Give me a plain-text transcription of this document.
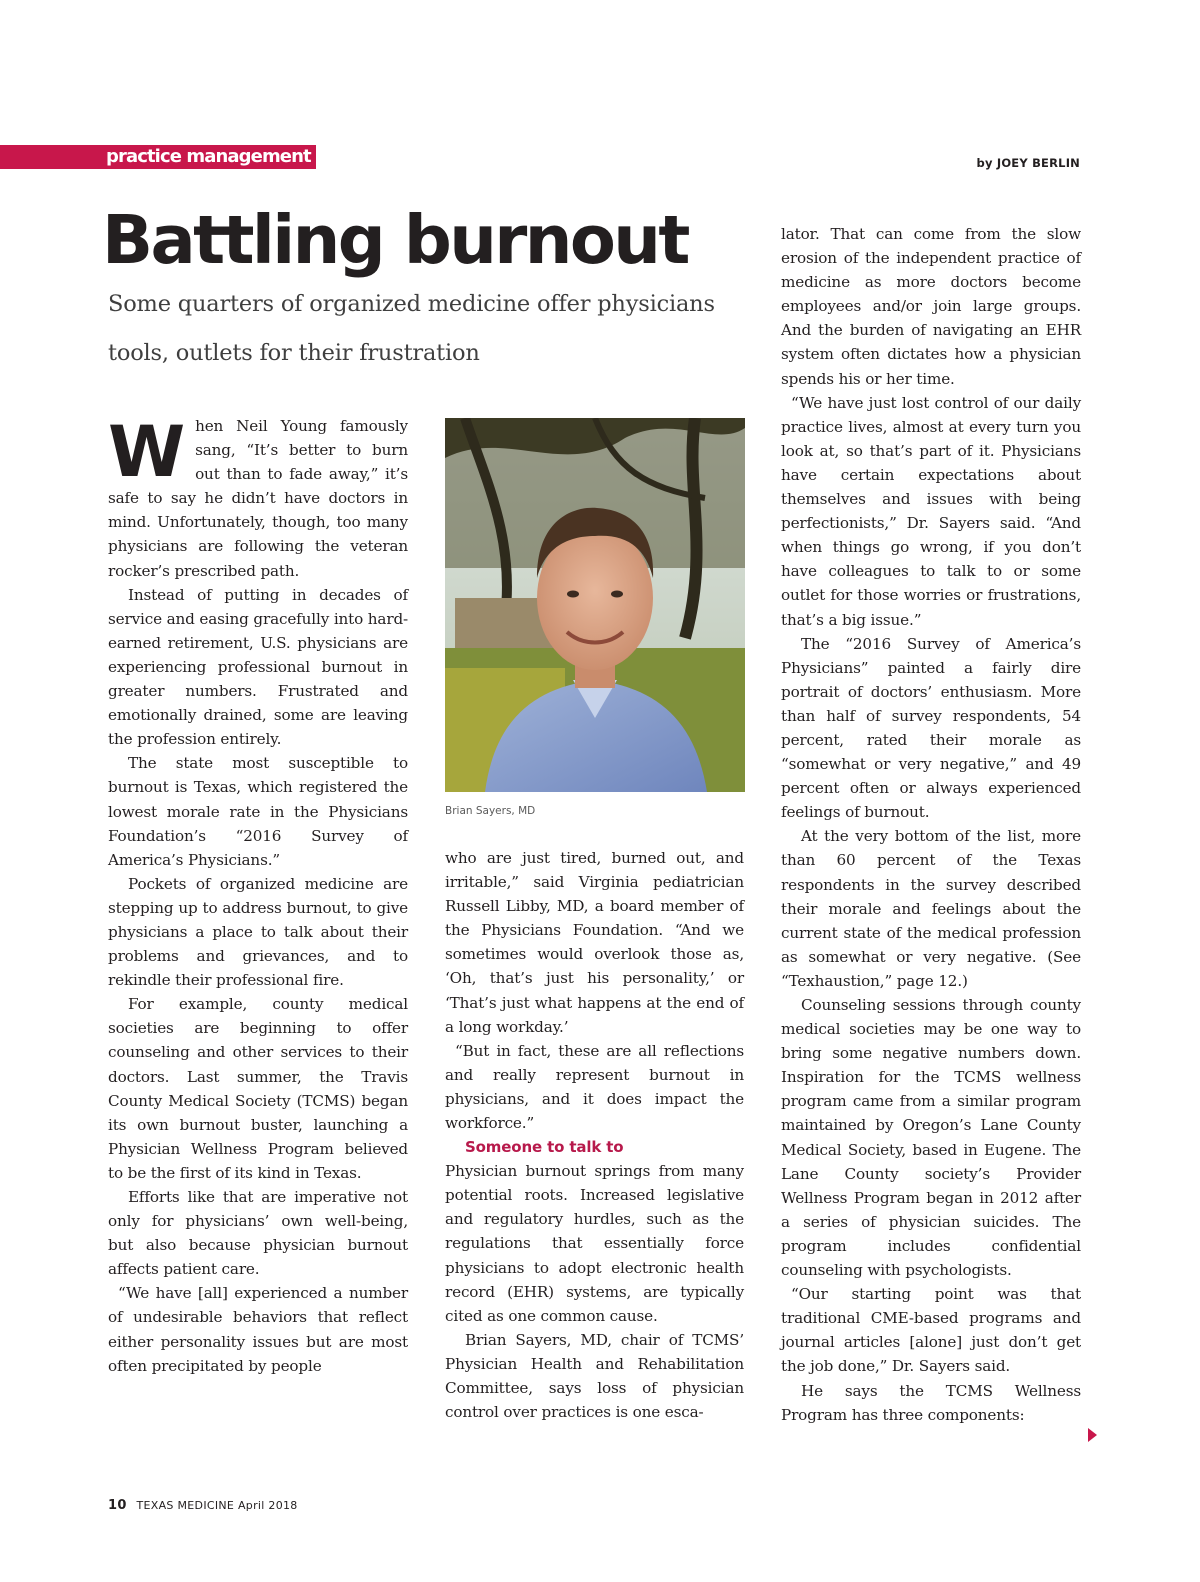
practice management	by JOEY BERLIN
Battling burnout

Some quarters of organized medicine offer physicians tools, outlets for their frustration

When Neil Young famously sang, “It’s better to burn out than to fade away,” it’s safe to say he didn’t have doctors in mind. Unfortunately, though, too many physicians are following the veteran rocker’s prescribed path.

Instead of putting in decades of service and easing gracefully into hard-earned retirement, U.S. physicians are experiencing professional burnout in greater numbers. Frustrated and emotionally drained, some are leaving the profession entirely.

The state most susceptible to burnout is Texas, which registered the lowest morale rate in the Physicians Foundation’s “2016 Survey of America’s Physicians.”

Pockets of organized medicine are stepping up to address burnout, to give physicians a place to talk about their problems and grievances, and to rekindle their professional fire.

For example, county medical societies are beginning to offer counseling and other services to their doctors. Last summer, the Travis County Medical Society (TCMS) began its own burnout buster, launching a Physician Wellness Program believed to be the first of its kind in Texas.

Efforts like that are imperative not only for physicians’ own well-being, but also because physician burnout affects patient care.

“We have [all] experienced a number of undesirable behaviors that reflect either personality issues but are most often precipitated by people

Brian Sayers, MD

who are just tired, burned out, and irritable,” said Virginia pediatrician Russell Libby, MD, a board member of the Physicians Foundation. “And we sometimes would overlook those as, ‘Oh, that’s just his personality,’ or ‘That’s just what happens at the end of a long workday.’

“But in fact, these are all reflections and really represent burnout in physicians, and it does impact the workforce.”

Someone to talk to

Physician burnout springs from many potential roots. Increased legislative and regulatory hurdles, such as the regulations that essentially force physicians to adopt electronic health record (EHR) systems, are typically cited as one common cause.

Brian Sayers, MD, chair of TCMS’ Physician Health and Rehabilitation Committee, says loss of physician control over practices is one esca-

lator. That can come from the slow erosion of the independent practice of medicine as more doctors become employees and/or join large groups. And the burden of navigating an EHR system often dictates how a physician spends his or her time.

“We have just lost control of our daily practice lives, almost at every turn you look at, so that’s part of it. Physicians have certain expectations about themselves and issues with being perfectionists,” Dr. Sayers said. “And when things go wrong, if you don’t have colleagues to talk to or some outlet for those worries or frustrations, that’s a big issue.”

The “2016 Survey of America’s Physicians” painted a fairly dire portrait of doctors’ enthusiasm. More than half of survey respondents, 54 percent, rated their morale as “somewhat or very negative,” and 49 percent often or always experienced feelings of burnout.

At the very bottom of the list, more than 60 percent of the Texas respondents in the survey described their morale and feelings about the current state of the medical profession as somewhat or very negative. (See “Texhaustion,” page 12.)

Counseling sessions through county medical societies may be one way to bring some negative numbers down. Inspiration for the TCMS wellness program came from a similar program maintained by Oregon’s Lane County Medical Society, based in Eugene. The Lane County society’s Provider Wellness Program began in 2012 after a series of physician suicides. The program includes confidential counseling with psychologists.

“Our starting point was that traditional CME-based programs and journal articles [alone] just don’t get the job done,” Dr. Sayers said.

He says the TCMS Wellness Program has three components:

10 TEXAS MEDICINE April 2018
